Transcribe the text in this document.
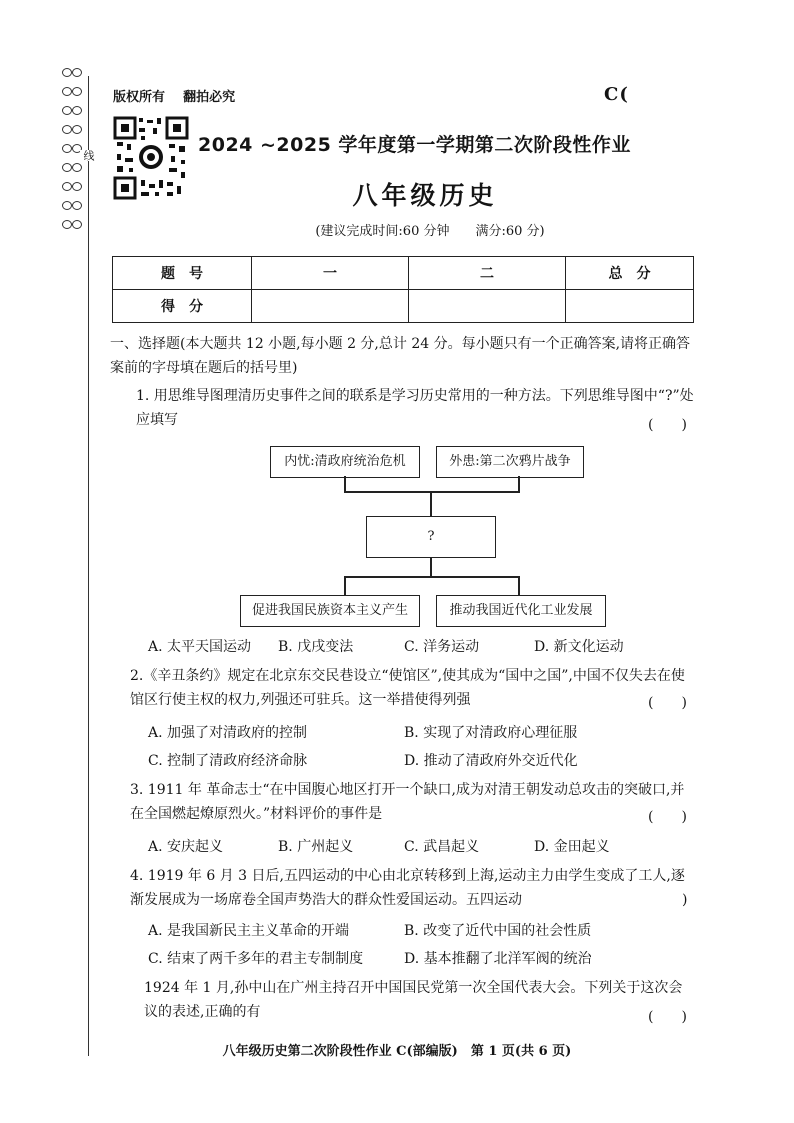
线
版权所有 翻拍必究	C(
2024 ~2025 学年度第一学期第二次阶段性作业
八年级历史
(建议完成时间:60 分钟　　满分:60 分)
题　号	一	二	总　分
得　分			
一、选择题(本大题共 12 小题,每小题 2 分,总计 24 分。每小题只有一个正确答案,请将正确答案前的字母填在题后的括号里)
1. 用思维导图理清历史事件之间的联系是学习历史常用的一种方法。下列思维导图中“?”处应填写	(　　)
内忧:清政府统治危机	外患:第二次鸦片战争
?
促进我国民族资本主义产生	推动我国近代化工业发展
A. 太平天国运动 B. 戊戌变法	C. 洋务运动	D. 新文化运动
2.《辛丑条约》规定在北京东交民巷设立“使馆区”,使其成为“国中之国”,中国不仅失去在使馆区行使主权的权力,列强还可驻兵。这一举措使得列强	(　　)
A. 加强了对清政府的控制	B. 实现了对清政府心理征服
C. 控制了清政府经济命脉	D. 推动了清政府外交近代化
3. 1911 年 革命志士“在中国腹心地区打开一个缺口,成为对清王朝发动总攻击的突破口,并在全国燃起燎原烈火。”材料评价的事件是	(　　)
A. 安庆起义	B. 广州起义	C. 武昌起义	D. 金田起义
4. 1919 年 6 月 3 日后,五四运动的中心由北京转移到上海,运动主力由学生变成了工人,逐渐发展成为一场席卷全国声势浩大的群众性爱国运动。五四运动	)
A. 是我国新民主主义革命的开端	B. 改变了近代中国的社会性质
C. 结束了两千多年的君主专制制度	D. 基本推翻了北洋军阀的统治
1924 年 1 月,孙中山在广州主持召开中国国民党第一次全国代表大会。下列关于这次会议的表述,正确的有	(　　)
八年级历史第二次阶段性作业 C(部编版)　第 1 页(共 6 页)
